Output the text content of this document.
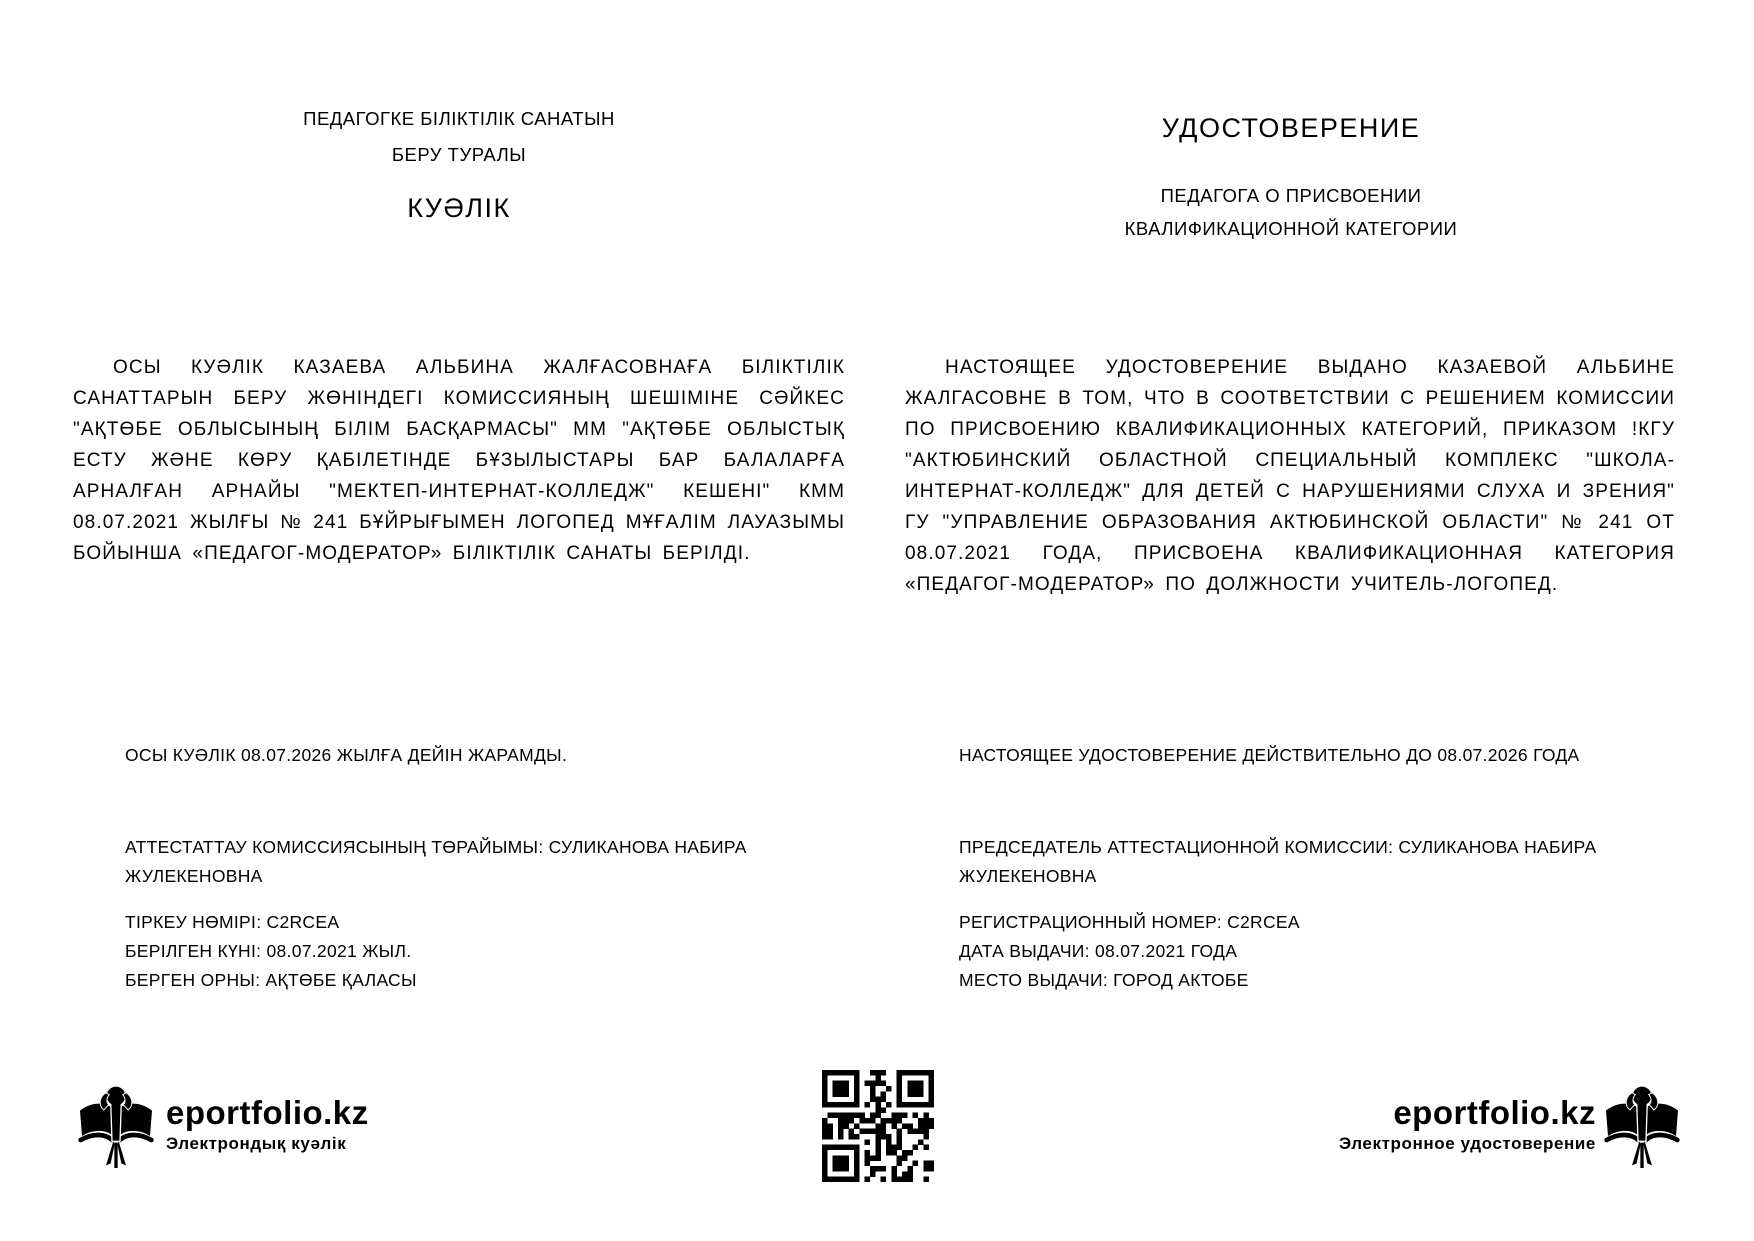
ПЕДАГОГКЕ БІЛІКТІЛІК САНАТЫН
БЕРУ ТУРАЛЫ
КУӘЛІК
ОСЫ КУӘЛІК КАЗАЕВА АЛЬБИНА ЖАЛҒАСОВНАҒА БІЛІКТІЛІК САНАТТАРЫН БЕРУ ЖӨНІНДЕГІ КОМИССИЯНЫҢ ШЕШІМІНЕ СӘЙКЕС "АҚТӨБЕ ОБЛЫСЫНЫҢ БІЛІМ БАСҚАРМАСЫ" ММ "АҚТӨБЕ ОБЛЫСТЫҚ ЕСТУ ЖӘНЕ КӨРУ ҚАБІЛЕТІНДЕ БҰЗЫЛЫСТАРЫ БАР БАЛАЛАРҒА АРНАЛҒАН АРНАЙЫ "МЕКТЕП-ИНТЕРНАТ-КОЛЛЕДЖ" КЕШЕНІ" КММ 08.07.2021 ЖЫЛҒЫ № 241 БҰЙРЫҒЫМЕН ЛОГОПЕД МҰҒАЛІМ ЛАУАЗЫМЫ БОЙЫНША «ПЕДАГОГ-МОДЕРАТОР» БІЛІКТІЛІК САНАТЫ БЕРІЛДІ.
ОСЫ КУӘЛІК 08.07.2026 ЖЫЛҒА ДЕЙІН ЖАРАМДЫ.
АТТЕСТАТТАУ КОМИССИЯСЫНЫҢ ТӨРАЙЫМЫ: СУЛИКАНОВА НАБИРА ЖУЛЕКЕНОВНА
ТІРКЕУ НӨМІРІ: C2RCEA
БЕРІЛГЕН КҮНІ: 08.07.2021 ЖЫЛ.
БЕРГЕН ОРНЫ: АҚТӨБЕ ҚАЛАСЫ
УДОСТОВЕРЕНИЕ
ПЕДАГОГА О ПРИСВОЕНИИ
КВАЛИФИКАЦИОННОЙ КАТЕГОРИИ
НАСТОЯЩЕЕ УДОСТОВЕРЕНИЕ ВЫДАНО КАЗАЕВОЙ АЛЬБИНЕ ЖАЛГАСОВНЕ В ТОМ, ЧТО В СООТВЕТСТВИИ С РЕШЕНИЕМ КОМИССИИ ПО ПРИСВОЕНИЮ КВАЛИФИКАЦИОННЫХ КАТЕГОРИЙ, ПРИКАЗОМ !КГУ "АКТЮБИНСКИЙ ОБЛАСТНОЙ СПЕЦИАЛЬНЫЙ КОМПЛЕКС "ШКОЛА-ИНТЕРНАТ-КОЛЛЕДЖ" ДЛЯ ДЕТЕЙ С НАРУШЕНИЯМИ СЛУХА И ЗРЕНИЯ" ГУ "УПРАВЛЕНИЕ ОБРАЗОВАНИЯ АКТЮБИНСКОЙ ОБЛАСТИ" № 241 ОТ 08.07.2021 ГОДА, ПРИСВОЕНА КВАЛИФИКАЦИОННАЯ КАТЕГОРИЯ «ПЕДАГОГ-МОДЕРАТОР» ПО ДОЛЖНОСТИ УЧИТЕЛЬ-ЛОГОПЕД.
НАСТОЯЩЕЕ УДОСТОВЕРЕНИЕ ДЕЙСТВИТЕЛЬНО ДО 08.07.2026 ГОДА
ПРЕДСЕДАТЕЛЬ АТТЕСТАЦИОННОЙ КОМИССИИ: СУЛИКАНОВА НАБИРА ЖУЛЕКЕНОВНА
РЕГИСТРАЦИОННЫЙ НОМЕР: C2RCEA
ДАТА ВЫДАЧИ: 08.07.2021 ГОДА
МЕСТО ВЫДАЧИ: ГОРОД АКТОБЕ
eportfolio.kz
Электрондық куәлік
eportfolio.kz
Электронное удостоверение
